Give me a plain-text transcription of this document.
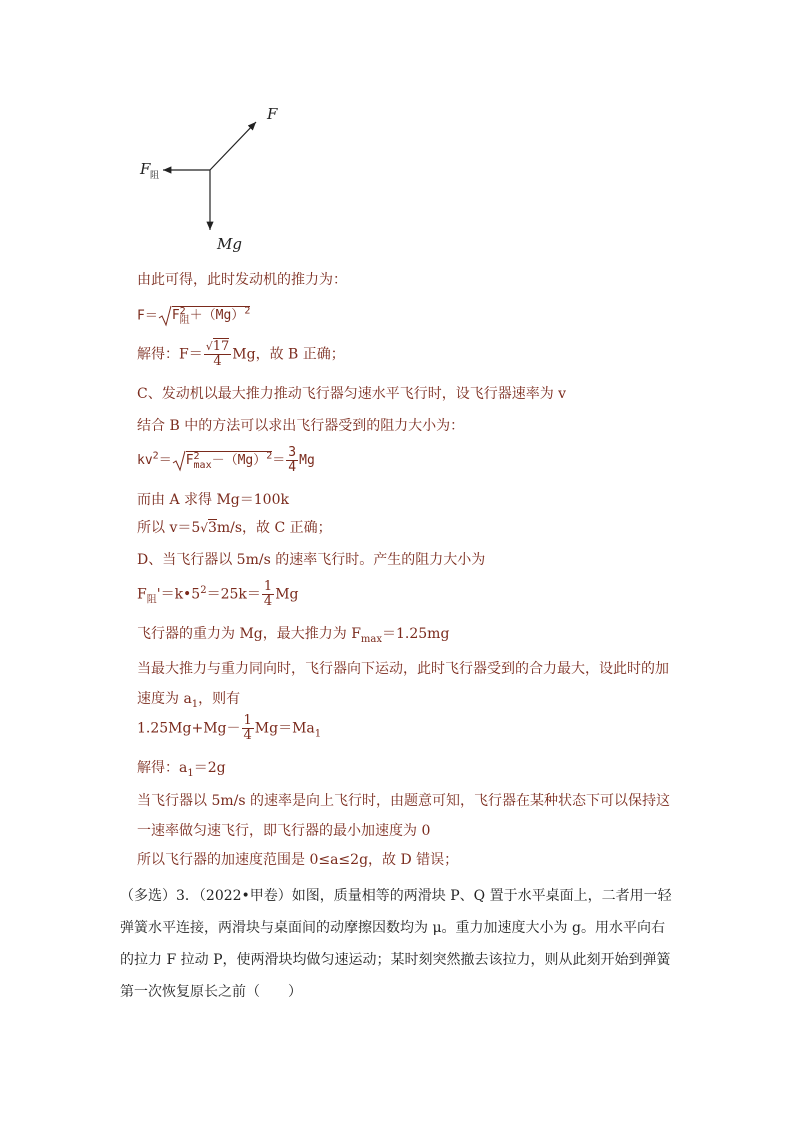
F
F 阻
Mg
由此可得，此时发动机的推力为：
F＝ F 2
阻 $+(Mg)^2$
解得：$F= \frac{√17}{4}$ Mg，故 B 正确；
C、发动机以最大推力推动飞行器匀速水平飞行时，设飞行器速率为 v
结合 B 中的方法可以求出飞行器受到的阻力大小为：
$kv^2= F$ 2
$\max -(Mg)^2= \frac{3}{4}$ Mg
而由 A 求得 Mg＝100k
所以 v＝5√3m/s，故 C 正确；
D、当飞行器以 5m/s 的速率飞行时。产生的阻力大小为
$F_阻'=k•5^2=25k= \frac{1}{4}$ Mg
飞行器的重力为 Mg，最大推力为 $F_{max}=1.25mg$
当最大推力与重力同向时，飞行器向下运动，此时飞行器受到的合力最大，设此时的加速度为 $a_1$，则有
$1.25Mg+Mg- \frac{1}{4} Mg=Ma_1$
解得：$a_1=2g$
当飞行器以 5m/s 的速率是向上飞行时，由题意可知，飞行器在某种状态下可以保持这一速率做匀速飞行，即飞行器的最小加速度为 0
所以飞行器的加速度范围是 0≤a≤2g，故 D 错误；
（多选）3．（2022•甲卷）如图，质量相等的两滑块 P、Q 置于水平桌面上，二者用一轻弹簧水平连接，两滑块与桌面间的动摩擦因数均为 μ。重力加速度大小为 g。用水平向右的拉力 F 拉动 P，使两滑块均做匀速运动；某时刻突然撤去该拉力，则从此刻开始到弹簧第一次恢复原长之前（　　）
